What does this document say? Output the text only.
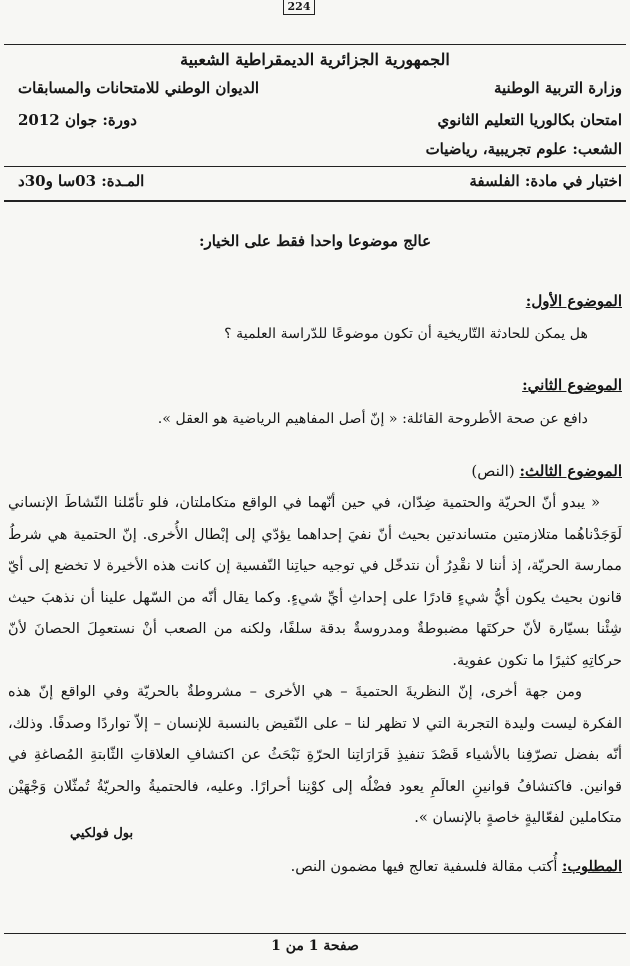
224
الجمهورية الجزائرية الديمقراطية الشعبية
وزارة التربية الوطنية
الديوان الوطني للامتحانات والمسابقات
امتحان بكالوريا التعليم الثانوي
دورة: جوان 2012
الشعب: علوم تجريبية، رياضيات
اختبار في مادة: الفلسفة
المـدة: 03سا و30د
عالج موضوعا واحدا فقط على الخيار:
الموضوع الأول:
هل يمكن للحادثة التّاريخية أن تكون موضوعًا للدّراسة العلمية ؟
الموضوع الثاني:
دافع عن صحة الأطروحة القائلة: « إنّ أصل المفاهيم الرياضية هو العقل ».
الموضوع الثالث: (النص)
« يبدو أنّ الحريّة والحتمية ضِدّان، في حين أنّهما في الواقع متكاملتان، فلو تأمّلنا النّشاطَ الإنساني لَوَجَدْناهُما متلازمتين متساندتين بحيث أنّ نفيَ إحداهما يؤدّي إلى إبْطال الأُخرى. إنّ الحتمية هي شرطُ ممارسة الحريّة، إذ أننا لا نقْدِرُ أن نتدخّل في توجيه حياتِنا النّفسية إن كانت هذه الأخيرة لا تخضع إلى أيّ قانون بحيث يكون أيُّ شيءٍ قادرًا على إحداثِ أيِّ شيءٍ. وكما يقال أنّه من السّهل علينا أن نذهبَ حيث شِئْنا بسيّارة لأنّ حركتَها مضبوطةٌ ومدروسةٌ بدقة سلفًا، ولكنه من الصعب أنْ نستعمِلَ الحصانَ لأنّ حركاتِهِ كثيرًا ما تكون عفوية.
ومن جهة أخرى، إنّ النظريةَ الحتميةَ – هي الأخرى – مشروطةٌ بالحريّة وفي الواقع إنّ هذه الفكرة ليست وليدة التجربة التي لا تظهر لنا – على النّقيض بالنسبة للإنسان – إلاّ تواردًا وصدفًا. وذلك، أنّه بفضل تصرّفِنا بالأشياء قَصْدَ تنفيذِ قَرَارَاتِنا الحرّةِ نَبْحَثُ عن اكتشافِ العلاقاتِ الثّابتةِ المُصاغةِ في قوانين. فاكتشافُ قوانينِ العالَمِ يعود فضْلُه إلى كوْنِنا أحرارًا. وعليه، فالحتميةُ والحريّةُ تُمثّلان وَجْهَيْن متكاملين لفعّاليةٍ خاصةٍ بالإنسان ».
بول فولكيي
المطلوب: أُكتب مقالة فلسفية تعالج فيها مضمون النص.
صفحة 1 من 1
